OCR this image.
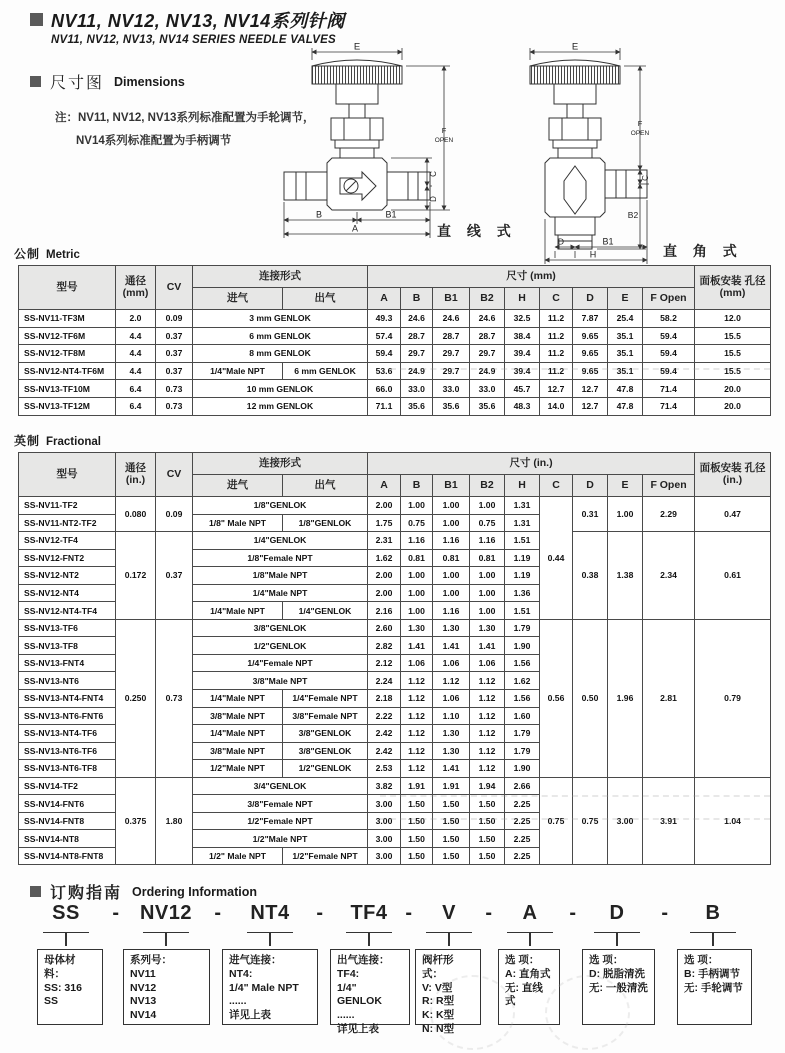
NV11, NV12, NV13, NV14系列针阀
NV11, NV12, NV13, NV14 SERIES NEEDLE VALVES
尺寸图 Dimensions
注：NV11, NV12, NV13系列标准配置为手轮调节，
NV14系列标准配置为手柄调节
E
F
OPEN
C
D
B	B1
A
E
F
OPEN
C
B2
D	B1
H
直 线 式
直 角 式
公制 Metric
型号	通径 (mm)	CV	连接形式		尺寸 (mm)									面板安装 孔径 (mm)
			进气	出气	A	B	B1	B2	H	C	D	E	F Open	
SS-NV11-TF3M	2.0	0.09	3 mm GENLOK		49.3	24.6	24.6	24.6	32.5	11.2	7.87	25.4	58.2	12.0
SS-NV12-TF6M	4.4	0.37	6 mm GENLOK		57.4	28.7	28.7	28.7	38.4	11.2	9.65	35.1	59.4	15.5
SS-NV12-TF8M	4.4	0.37	8 mm GENLOK		59.4	29.7	29.7	29.7	39.4	11.2	9.65	35.1	59.4	15.5
SS-NV12-NT4-TF6M	4.4	0.37	1/4"Male NPT	6 mm GENLOK	53.6	24.9	29.7	24.9	39.4	11.2	9.65	35.1	59.4	15.5
SS-NV13-TF10M	6.4	0.73	10 mm GENLOK		66.0	33.0	33.0	33.0	45.7	12.7	12.7	47.8	71.4	20.0
SS-NV13-TF12M	6.4	0.73	12 mm GENLOK		71.1	35.6	35.6	35.6	48.3	14.0	12.7	47.8	71.4	20.0
英制 Fractional
型号	通径 (in.)	CV	连接形式		尺寸 (in.)									面板安装 孔径 (in.)
			进气	出气	A	B	B1	B2	H	C	D	E	F Open	
SS-NV11-TF2	0.080	0.09	1/8"GENLOK		2.00	1.00	1.00	1.00	1.31	0.44	0.31	1.00	2.29	0.47
SS-NV11-NT2-TF2			1/8" Male NPT	1/8"GENLOK	1.75	0.75	1.00	0.75	1.31					
SS-NV12-TF4	0.172	0.37	1/4"GENLOK		2.31	1.16	1.16	1.16	1.51		0.38	1.38	2.34	0.61
SS-NV12-FNT2			1/8"Female NPT		1.62	0.81	0.81	0.81	1.19					
SS-NV12-NT2			1/8"Male NPT		2.00	1.00	1.00	1.00	1.19					
SS-NV12-NT4			1/4"Male NPT		2.00	1.00	1.00	1.00	1.36					
SS-NV12-NT4-TF4			1/4"Male NPT	1/4"GENLOK	2.16	1.00	1.16	1.00	1.51					
SS-NV13-TF6	0.250	0.73	3/8"GENLOK		2.60	1.30	1.30	1.30	1.79	0.56	0.50	1.96	2.81	0.79
SS-NV13-TF8			1/2"GENLOK		2.82	1.41	1.41	1.41	1.90					
SS-NV13-FNT4			1/4"Female NPT		2.12	1.06	1.06	1.06	1.56					
SS-NV13-NT6			3/8"Male NPT		2.24	1.12	1.12	1.12	1.62					
SS-NV13-NT4-FNT4			1/4"Male NPT	1/4"Female NPT	2.18	1.12	1.06	1.12	1.56					
SS-NV13-NT6-FNT6			3/8"Male NPT	3/8"Female NPT	2.22	1.12	1.10	1.12	1.60					
SS-NV13-NT4-TF6			1/4"Male NPT	3/8"GENLOK	2.42	1.12	1.30	1.12	1.79					
SS-NV13-NT6-TF6			3/8"Male NPT	3/8"GENLOK	2.42	1.12	1.30	1.12	1.79					
SS-NV13-NT6-TF8			1/2"Male NPT	1/2"GENLOK	2.53	1.12	1.41	1.12	1.90					
SS-NV14-TF2	0.375	1.80	3/4"GENLOK		3.82	1.91	1.91	1.94	2.66	0.75	0.75	3.00	3.91	1.04
SS-NV14-FNT6			3/8"Female NPT		3.00	1.50	1.50	1.50	2.25					
SS-NV14-FNT8			1/2"Female NPT		3.00	1.50	1.50	1.50	2.25					
SS-NV14-NT8			1/2"Male NPT		3.00	1.50	1.50	1.50	2.25					
SS-NV14-NT8-FNT8			1/2" Male NPT	1/2"Female NPT	3.00	1.50	1.50	1.50	2.25					
订购指南 Ordering Information
SS	- NV12 - NT4 - TF4 -	V	-	A	-	D	-	B
母体材料：
SS: 316 SS
系列号：
NV11
NV12
NV13
NV14
进气连接：
NT4:
1/4" Male NPT
......
详见上表
出气连接：
TF4:
1/4" GENLOK
......
详见上表
阀杆形式：
V: V型
R: R型
K: K型
N: N型
选 项：
A: 直角式
无: 直线式
选 项：
D: 脱脂清洗
无: 一般清洗
选 项：
B: 手柄调节
无: 手轮调节
